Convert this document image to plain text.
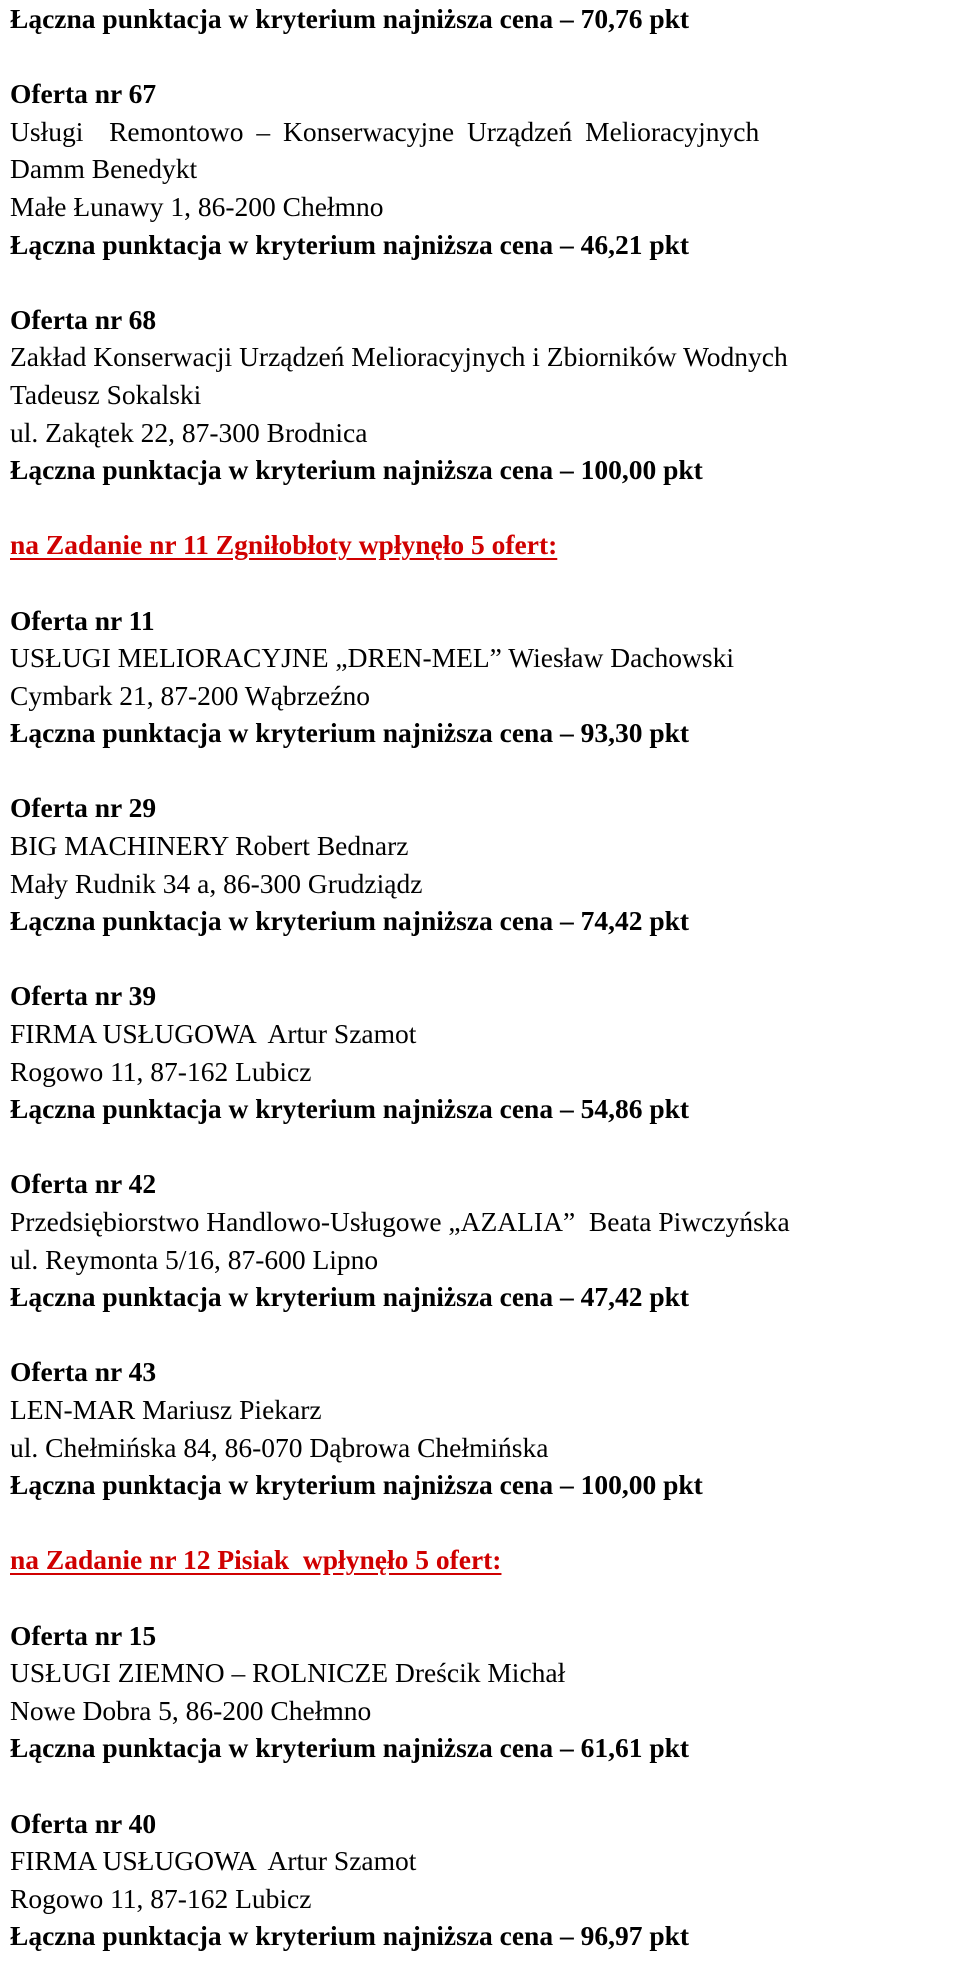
Łączna punktacja w kryterium najniższa cena – 70,76 pkt
Oferta nr 67
Usługi  Remontowo – Konserwacyjne Urządzeń Melioracyjnych
Damm Benedykt
Małe Łunawy 1, 86-200 Chełmno
Łączna punktacja w kryterium najniższa cena – 46,21 pkt
Oferta nr 68
Zakład Konserwacji Urządzeń Melioracyjnych i Zbiorników Wodnych
Tadeusz Sokalski
ul. Zakątek 22, 87-300 Brodnica
Łączna punktacja w kryterium najniższa cena – 100,00 pkt
na Zadanie nr 11 Zgniłobłoty wpłynęło 5 ofert:
Oferta nr 11
USŁUGI MELIORACYJNE „DREN-MEL” Wiesław Dachowski
Cymbark 21, 87-200 Wąbrzeźno
Łączna punktacja w kryterium najniższa cena – 93,30 pkt
Oferta nr 29
BIG MACHINERY Robert Bednarz
Mały Rudnik 34 a, 86-300 Grudziądz
Łączna punktacja w kryterium najniższa cena – 74,42 pkt
Oferta nr 39
FIRMA USŁUGOWA  Artur Szamot
Rogowo 11, 87-162 Lubicz
Łączna punktacja w kryterium najniższa cena – 54,86 pkt
Oferta nr 42
Przedsiębiorstwo Handlowo-Usługowe „AZALIA”  Beata Piwczyńska
ul. Reymonta 5/16, 87-600 Lipno
Łączna punktacja w kryterium najniższa cena – 47,42 pkt
Oferta nr 43
LEN-MAR Mariusz Piekarz
ul. Chełmińska 84, 86-070 Dąbrowa Chełmińska
Łączna punktacja w kryterium najniższa cena – 100,00 pkt
na Zadanie nr 12 Pisiak  wpłynęło 5 ofert:
Oferta nr 15
USŁUGI ZIEMNO – ROLNICZE Dreścik Michał
Nowe Dobra 5, 86-200 Chełmno
Łączna punktacja w kryterium najniższa cena – 61,61 pkt
Oferta nr 40
FIRMA USŁUGOWA  Artur Szamot
Rogowo 11, 87-162 Lubicz
Łączna punktacja w kryterium najniższa cena – 96,97 pkt
